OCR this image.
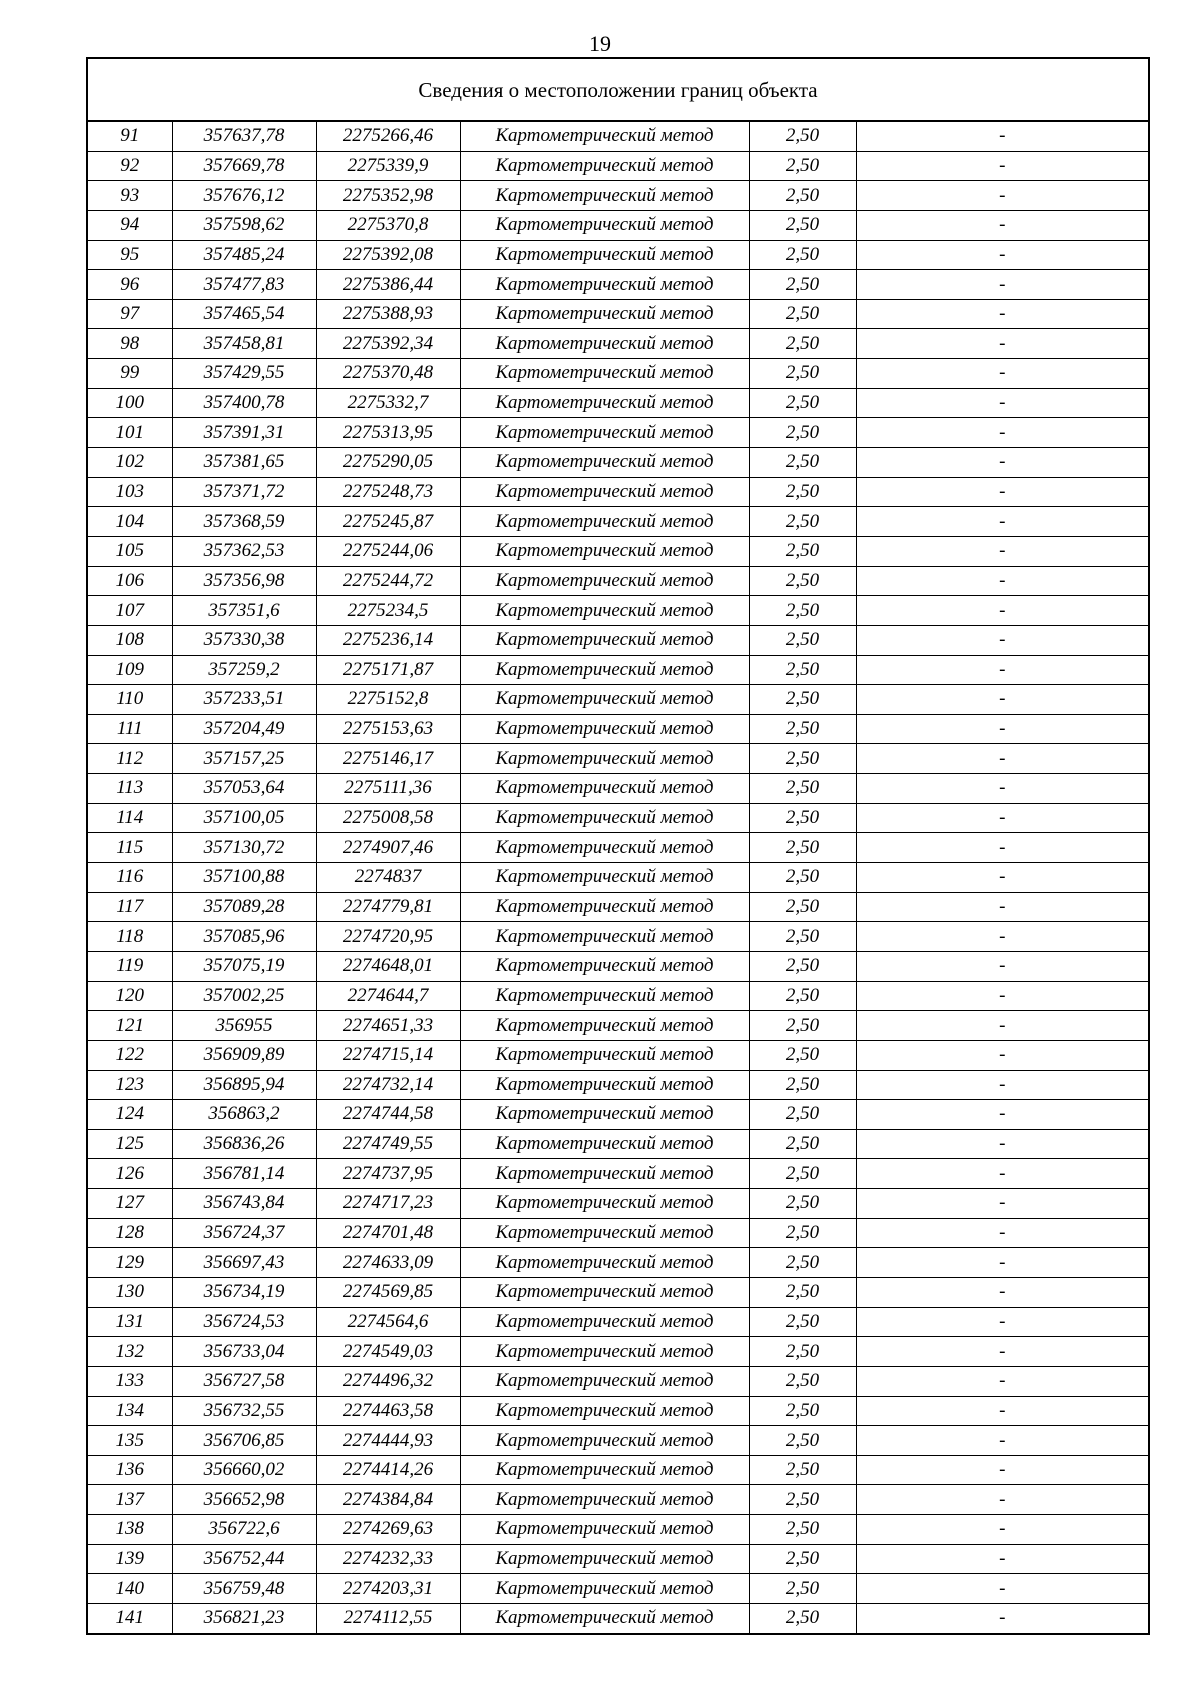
19
Сведения о местоположении границ объекта					
91	357637,78	2275266,46	Картометрический метод	2,50	-
92	357669,78	2275339,9	Картометрический метод	2,50	-
93	357676,12	2275352,98	Картометрический метод	2,50	-
94	357598,62	2275370,8	Картометрический метод	2,50	-
95	357485,24	2275392,08	Картометрический метод	2,50	-
96	357477,83	2275386,44	Картометрический метод	2,50	-
97	357465,54	2275388,93	Картометрический метод	2,50	-
98	357458,81	2275392,34	Картометрический метод	2,50	-
99	357429,55	2275370,48	Картометрический метод	2,50	-
100	357400,78	2275332,7	Картометрический метод	2,50	-
101	357391,31	2275313,95	Картометрический метод	2,50	-
102	357381,65	2275290,05	Картометрический метод	2,50	-
103	357371,72	2275248,73	Картометрический метод	2,50	-
104	357368,59	2275245,87	Картометрический метод	2,50	-
105	357362,53	2275244,06	Картометрический метод	2,50	-
106	357356,98	2275244,72	Картометрический метод	2,50	-
107	357351,6	2275234,5	Картометрический метод	2,50	-
108	357330,38	2275236,14	Картометрический метод	2,50	-
109	357259,2	2275171,87	Картометрический метод	2,50	-
110	357233,51	2275152,8	Картометрический метод	2,50	-
111	357204,49	2275153,63	Картометрический метод	2,50	-
112	357157,25	2275146,17	Картометрический метод	2,50	-
113	357053,64	2275111,36	Картометрический метод	2,50	-
114	357100,05	2275008,58	Картометрический метод	2,50	-
115	357130,72	2274907,46	Картометрический метод	2,50	-
116	357100,88	2274837	Картометрический метод	2,50	-
117	357089,28	2274779,81	Картометрический метод	2,50	-
118	357085,96	2274720,95	Картометрический метод	2,50	-
119	357075,19	2274648,01	Картометрический метод	2,50	-
120	357002,25	2274644,7	Картометрический метод	2,50	-
121	356955	2274651,33	Картометрический метод	2,50	-
122	356909,89	2274715,14	Картометрический метод	2,50	-
123	356895,94	2274732,14	Картометрический метод	2,50	-
124	356863,2	2274744,58	Картометрический метод	2,50	-
125	356836,26	2274749,55	Картометрический метод	2,50	-
126	356781,14	2274737,95	Картометрический метод	2,50	-
127	356743,84	2274717,23	Картометрический метод	2,50	-
128	356724,37	2274701,48	Картометрический метод	2,50	-
129	356697,43	2274633,09	Картометрический метод	2,50	-
130	356734,19	2274569,85	Картометрический метод	2,50	-
131	356724,53	2274564,6	Картометрический метод	2,50	-
132	356733,04	2274549,03	Картометрический метод	2,50	-
133	356727,58	2274496,32	Картометрический метод	2,50	-
134	356732,55	2274463,58	Картометрический метод	2,50	-
135	356706,85	2274444,93	Картометрический метод	2,50	-
136	356660,02	2274414,26	Картометрический метод	2,50	-
137	356652,98	2274384,84	Картометрический метод	2,50	-
138	356722,6	2274269,63	Картометрический метод	2,50	-
139	356752,44	2274232,33	Картометрический метод	2,50	-
140	356759,48	2274203,31	Картометрический метод	2,50	-
141	356821,23	2274112,55	Картометрический метод	2,50	-
